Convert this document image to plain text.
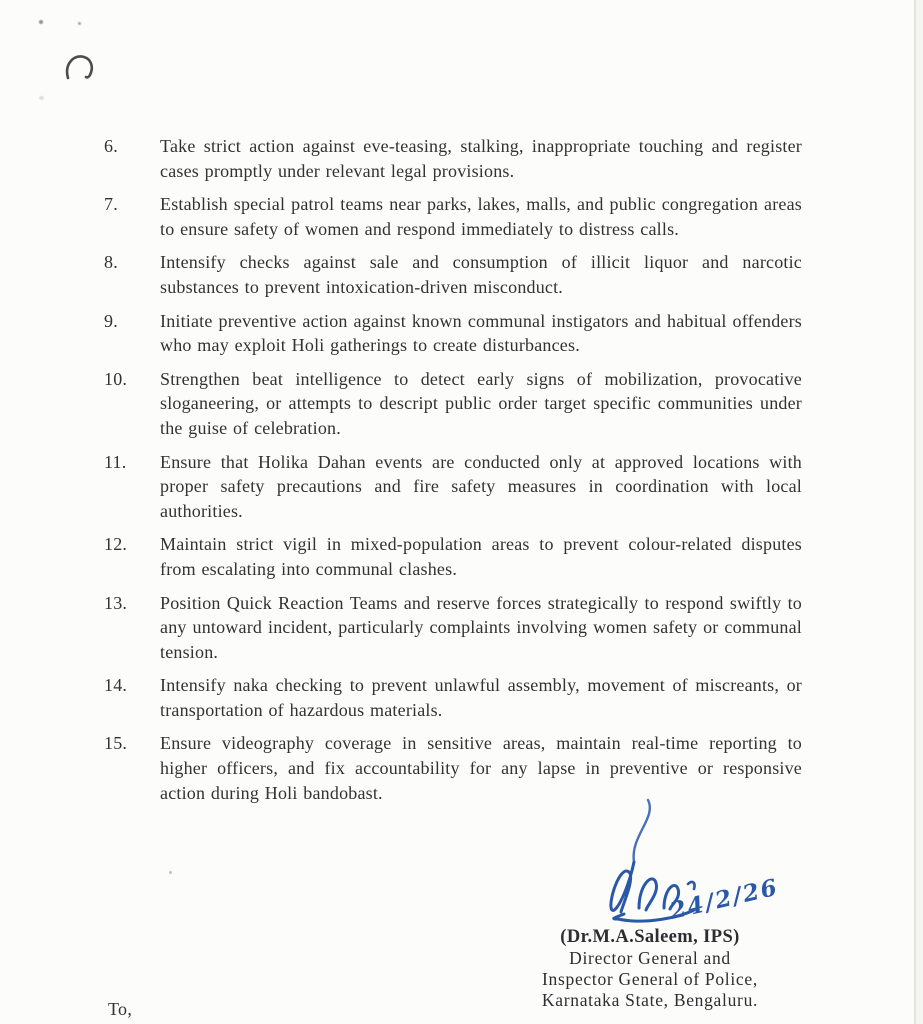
6.	Take strict action against eve-teasing, stalking, inappropriate touching and register cases promptly under relevant legal provisions.
7.	Establish special patrol teams near parks, lakes, malls, and public congregation areas to ensure safety of women and respond immediately to distress calls.
8.	Intensify checks against sale and consumption of illicit liquor and narcotic substances to prevent intoxication-driven misconduct.
9.	Initiate preventive action against known communal instigators and habitual offenders who may exploit Holi gatherings to create disturbances.
10.	Strengthen beat intelligence to detect early signs of mobilization, provocative sloganeering, or attempts to descript public order target specific communities under the guise of celebration.
11.	Ensure that Holika Dahan events are conducted only at approved locations with proper safety precautions and fire safety measures in coordination with local authorities.
12.	Maintain strict vigil in mixed-population areas to prevent colour-related disputes from escalating into communal clashes.
13.	Position Quick Reaction Teams and reserve forces strategically to respond swiftly to any untoward incident, particularly complaints involving women safety or communal tension.
14.	Intensify naka checking to prevent unlawful assembly, movement of miscreants, or transportation of hazardous materials.
15.	Ensure videography coverage in sensitive areas, maintain real-time reporting to higher officers, and fix accountability for any lapse in preventive or responsive action during Holi bandobast.
24/2/26
(Dr.M.A.Saleem, IPS)
Director General and
Inspector General of Police,
Karnataka State, Bengaluru.
To,
